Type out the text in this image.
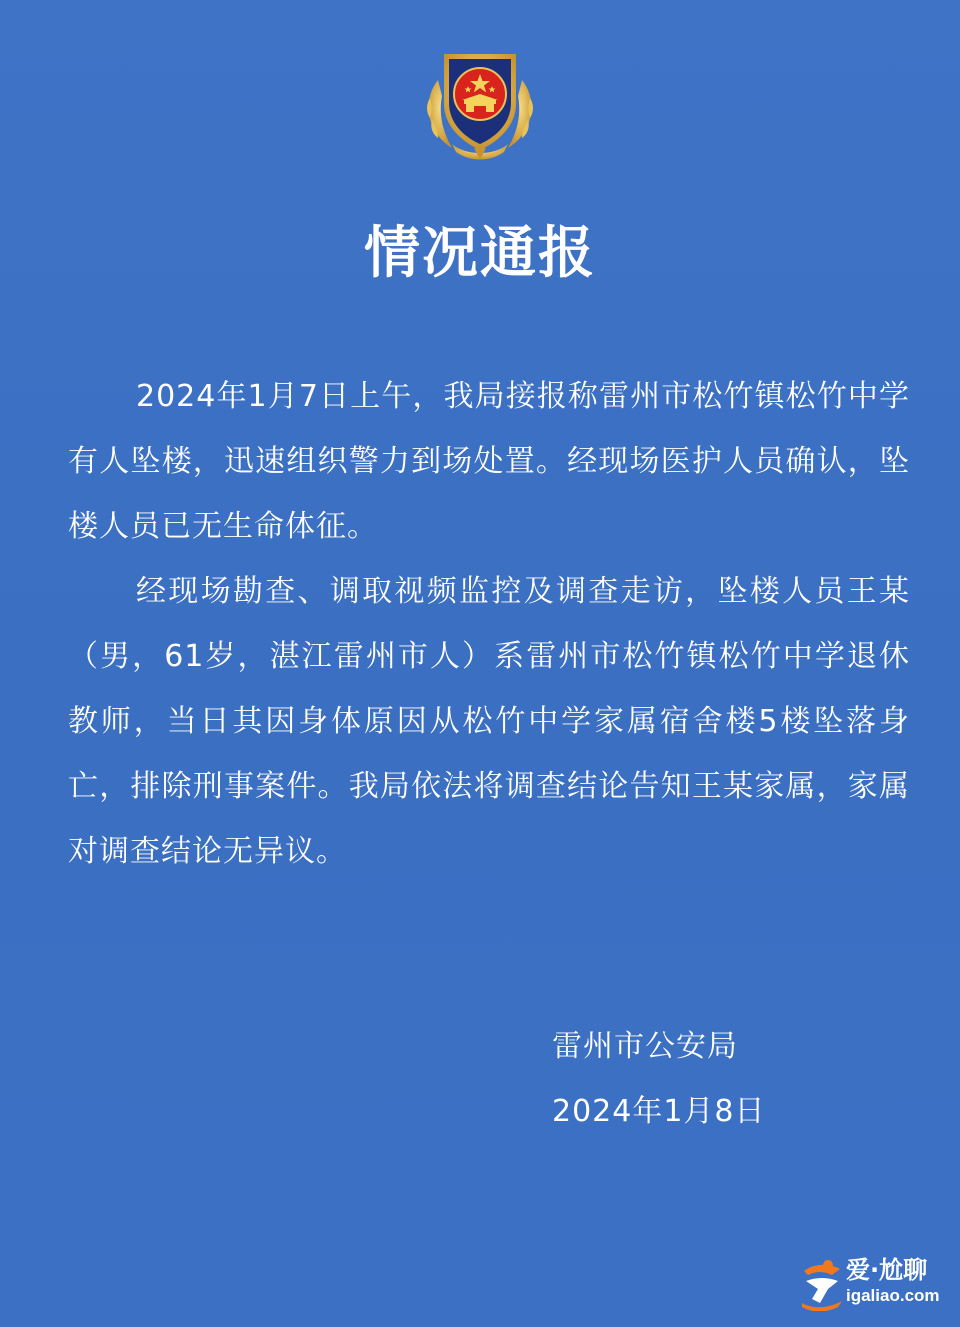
情况通报

2024年1月7日上午，我局接报称雷州市松竹镇松竹中学有人坠楼，迅速组织警力到场处置。经现场医护人员确认，坠楼人员已无生命体征。

经现场勘查、调取视频监控及调查走访，坠楼人员王某（男，61岁，湛江雷州市人）系雷州市松竹镇松竹中学退休教师，当日其因身体原因从松竹中学家属宿舍楼5楼坠落身亡，排除刑事案件。我局依法将调查结论告知王某家属，家属对调查结论无异议。

雷州市公安局
2024年1月8日
爱·尬聊
igaliao.com
